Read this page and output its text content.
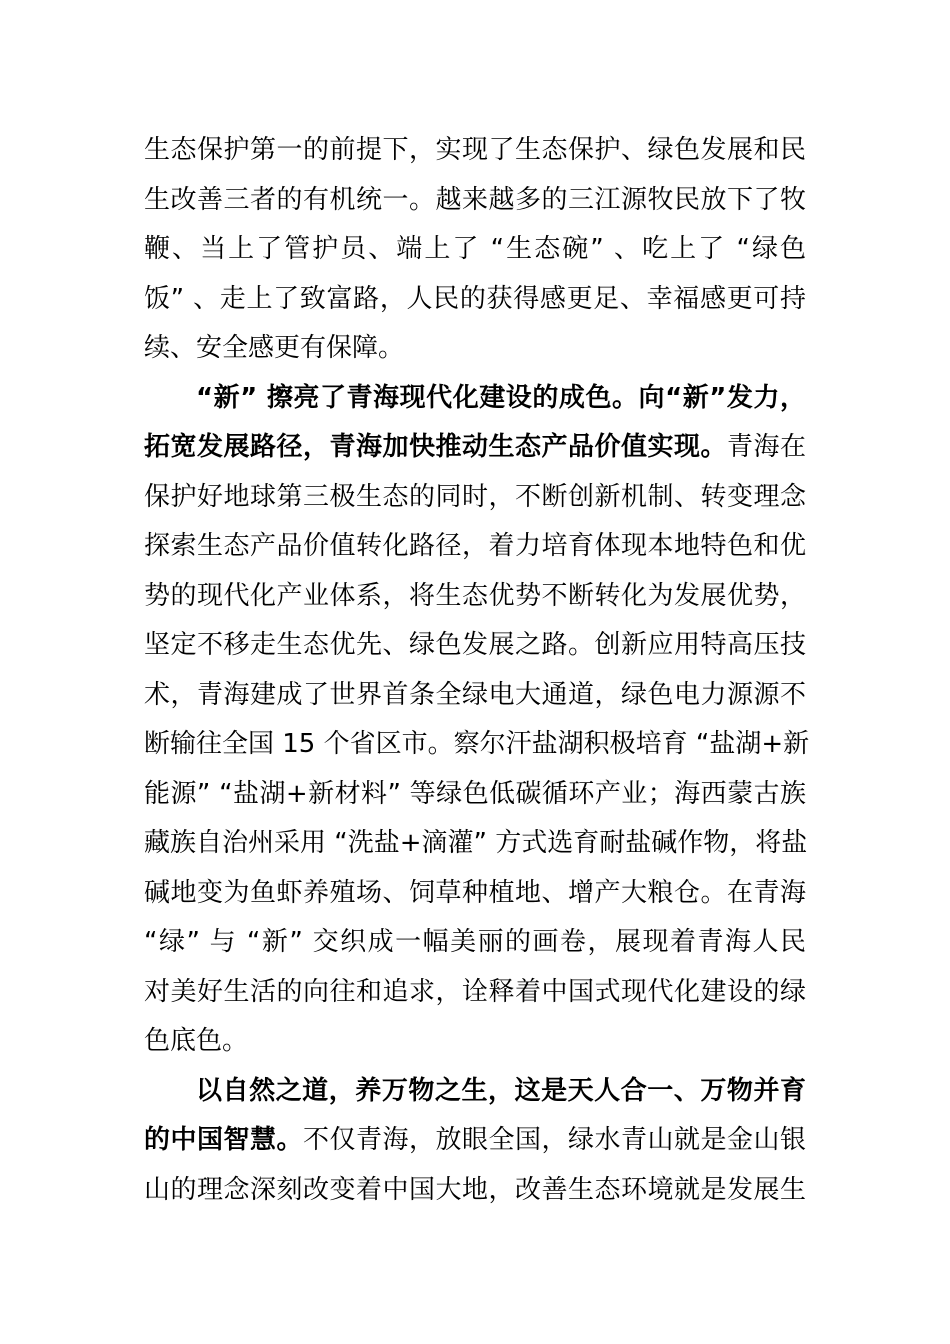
生态保护第一的前提下，实现了生态保护、绿色发展和民
生改善三者的有机统一。越来越多的三江源牧民放下了牧
鞭、当上了管护员、端上了 “生态碗” 、吃上了 “绿色
饭” 、走上了致富路，人民的获得感更足、幸福感更可持
续、安全感更有保障。
“新” 擦亮了青海现代化建设的成色。向“新”发力，
拓宽发展路径，青海加快推动生态产品价值实现。青海在
保护好地球第三极生态的同时，不断创新机制、转变理念
探索生态产品价值转化路径，着力培育体现本地特色和优
势的现代化产业体系，将生态优势不断转化为发展优势，
坚定不移走生态优先、绿色发展之路。创新应用特高压技
术，青海建成了世界首条全绿电大通道，绿色电力源源不
断输往全国 15 个省区市。察尔汗盐湖积极培育 “盐湖+新
能源” “盐湖+新材料” 等绿色低碳循环产业；海西蒙古族
藏族自治州采用 “洗盐+滴灌” 方式选育耐盐碱作物，将盐
碱地变为鱼虾养殖场、饲草种植地、增产大粮仓。在青海
“绿” 与 “新” 交织成一幅美丽的画卷，展现着青海人民
对美好生活的向往和追求，诠释着中国式现代化建设的绿
色底色。
以自然之道，养万物之生，这是天人合一、万物并育
的中国智慧。不仅青海，放眼全国，绿水青山就是金山银
山的理念深刻改变着中国大地，改善生态环境就是发展生
